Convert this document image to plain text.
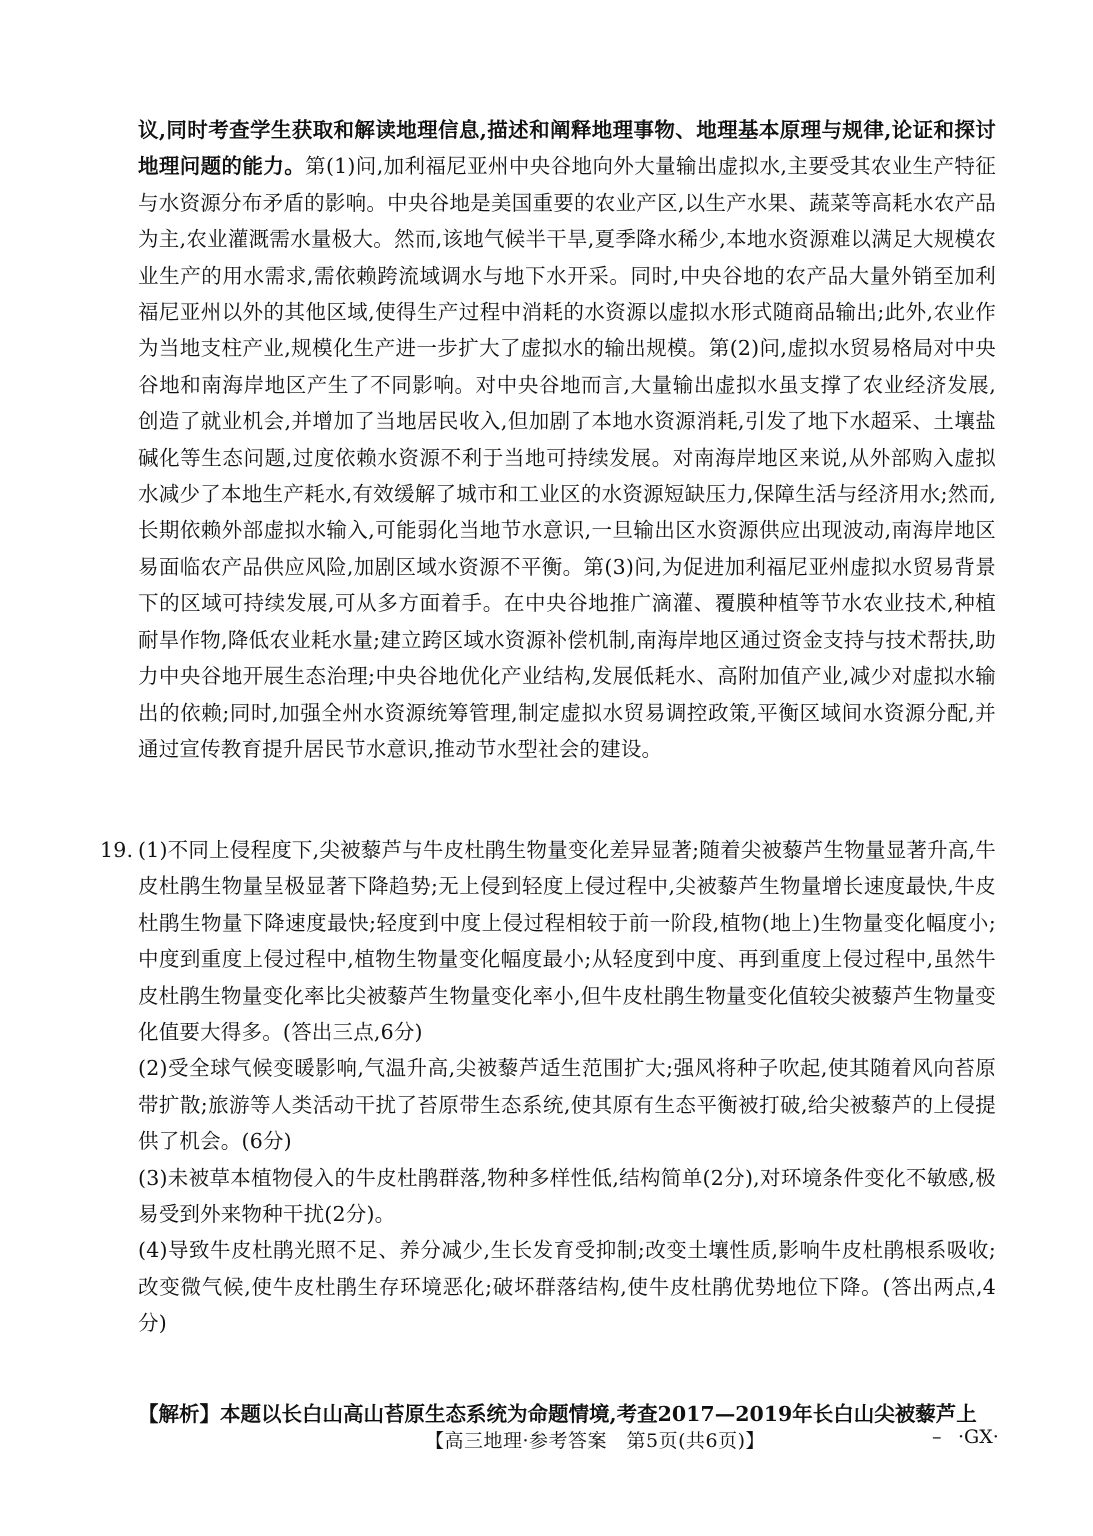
议,同时考查学生获取和解读地理信息,描述和阐释地理事物、地理基本原理与规律,论证和探讨地理问题的能力。第(1)问,加利福尼亚州中央谷地向外大量输出虚拟水,主要受其农业生产特征与水资源分布矛盾的影响。中央谷地是美国重要的农业产区,以生产水果、蔬菜等高耗水农产品为主,农业灌溉需水量极大。然而,该地气候半干旱,夏季降水稀少,本地水资源难以满足大规模农业生产的用水需求,需依赖跨流域调水与地下水开采。同时,中央谷地的农产品大量外销至加利福尼亚州以外的其他区域,使得生产过程中消耗的水资源以虚拟水形式随商品输出;此外,农业作为当地支柱产业,规模化生产进一步扩大了虚拟水的输出规模。第(2)问,虚拟水贸易格局对中央谷地和南海岸地区产生了不同影响。对中央谷地而言,大量输出虚拟水虽支撑了农业经济发展,创造了就业机会,并增加了当地居民收入,但加剧了本地水资源消耗,引发了地下水超采、土壤盐碱化等生态问题,过度依赖水资源不利于当地可持续发展。对南海岸地区来说,从外部购入虚拟水减少了本地生产耗水,有效缓解了城市和工业区的水资源短缺压力,保障生活与经济用水;然而,长期依赖外部虚拟水输入,可能弱化当地节水意识,一旦输出区水资源供应出现波动,南海岸地区易面临农产品供应风险,加剧区域水资源不平衡。第(3)问,为促进加利福尼亚州虚拟水贸易背景下的区域可持续发展,可从多方面着手。在中央谷地推广滴灌、覆膜种植等节水农业技术,种植耐旱作物,降低农业耗水量;建立跨区域水资源补偿机制,南海岸地区通过资金支持与技术帮扶,助力中央谷地开展生态治理;中央谷地优化产业结构,发展低耗水、高附加值产业,减少对虚拟水输出的依赖;同时,加强全州水资源统筹管理,制定虚拟水贸易调控政策,平衡区域间水资源分配,并通过宣传教育提升居民节水意识,推动节水型社会的建设。

19. (1)不同上侵程度下,尖被藜芦与牛皮杜鹃生物量变化差异显著;随着尖被藜芦生物量显著升高,牛皮杜鹃生物量呈极显著下降趋势;无上侵到轻度上侵过程中,尖被藜芦生物量增长速度最快,牛皮杜鹃生物量下降速度最快;轻度到中度上侵过程相较于前一阶段,植物(地上)生物量变化幅度小;中度到重度上侵过程中,植物生物量变化幅度最小;从轻度到中度、再到重度上侵过程中,虽然牛皮杜鹃生物量变化率比尖被藜芦生物量变化率小,但牛皮杜鹃生物量变化值较尖被藜芦生物量变化值要大得多。(答出三点,6分)

(2)受全球气候变暖影响,气温升高,尖被藜芦适生范围扩大;强风将种子吹起,使其随着风向苔原带扩散;旅游等人类活动干扰了苔原带生态系统,使其原有生态平衡被打破,给尖被藜芦的上侵提供了机会。(6分)

(3)未被草本植物侵入的牛皮杜鹃群落,物种多样性低,结构简单(2分),对环境条件变化不敏感,极易受到外来物种干扰(2分)。

(4)导致牛皮杜鹃光照不足、养分减少,生长发育受抑制;改变土壤性质,影响牛皮杜鹃根系吸收;改变微气候,使牛皮杜鹃生存环境恶化;破坏群落结构,使牛皮杜鹃优势地位下降。(答出两点,4分)

【解析】本题以长白山高山苔原生态系统为命题情境,考查2017—2019年长白山尖被藜芦上
【高三地理·参考答案　第5页(共6页)】	– ·GX·
